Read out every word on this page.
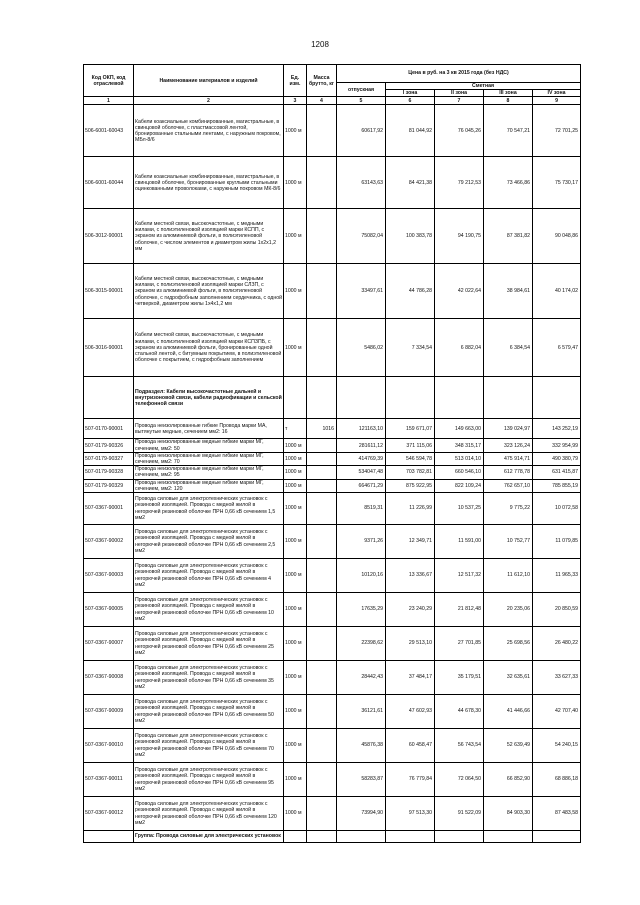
1208
Код ОКП, код отраслевой	Наименование материалов и изделий	Ед. изм.	Масса брутто, кг	Цена в руб. на 3 кв 2015 года (без НДС)				
				отпускная	Сметная			
					I зона	II зона	III зона	IV зона
1	2	3	4	5	6	7	8	9
506-6001-60043	Кабели коаксиальные комбинированные, магистральные, в свинцовой оболочке, с пластмассовой лентой, бронированные стальными лентами, с наружным покровом, МБл-8/6	1000 м		60617,92	81 044,92	76 045,26	70 547,21	72 701,25
506-6001-60044	Кабели коаксиальные комбинированные, магистральные, в свинцовой оболочке, бронированные круглыми стальными оцинкованными проволоками, с наружным покровом МК-8/6	1000 м		63143,63	84 421,38	79 212,53	73 466,86	75 730,17
506-3012-90001	Кабели местной связи, высокочастотные, с медными жилами, с полиэтиленовой изоляцией марки КСПП, с экраном из алюминиевой фольги, в полиэтиленовой оболочке, с числом элементов и диаметром жилы 1х2х1,2 мм	1000 м		75082,04	100 383,78	94 190,75	87 381,82	90 048,86
506-3015-90001	Кабели местной связи, высокочастотные, с медными жилами, с полиэтиленовой изоляцией марки СЛЗП, с экраном из алюминиевой фольги, в полиэтиленовой оболочке, с гидрофобным заполнением сердечника, с одной четверкой, диаметром жилы 1х4х1,2 мм	1000 м		33497,61	44 786,28	42 022,64	38 984,61	40 174,02
506-3016-90001	Кабели местной связи, высокочастотные, с медными жилами, с полиэтиленовой изоляцией марки КСПЗПБ, с экраном из алюминиевой фольги, бронированные одной стальной лентой, с битумным покрытием, в полиэтиленовой оболочке с покрытием, с гидрофобным заполнением	1000 м		5486,02	7 334,54	6 882,04	6 384,54	6 579,47
	Подраздел: Кабели высокочастотные дальней и внутризоновой связи, кабели радиофикации и сельской телефонной связи							
507-0170-90001	Провода неизолированные гибкие Провода марки МА, вытянутые медные, сечением мм2: 16	т	1016	121163,10	159 671,07	149 663,00	139 024,97	143 252,19
507-0179-90326	Провода неизолированные медные гибкие марки МГ, сечением, мм2: 50	1000 м		281611,12	371 115,06	348 315,17	323 126,24	332 954,99
507-0179-90327	Провода неизолированные медные гибкие марки МГ, сечением, мм2: 70	1000 м		414769,39	546 594,78	513 014,10	475 914,71	490 380,79
507-0179-90328	Провода неизолированные медные гибкие марки МГ, сечением, мм2: 95	1000 м		534047,48	703 782,81	660 546,10	612 778,78	631 415,87
507-0179-90329	Провода неизолированные медные гибкие марки МГ, сечением, мм2: 120	1000 м		664671,29	875 922,95	822 109,24	762 657,10	785 855,19
507-0367-90001	Провода силовые для электротехнических установок с резиновой изоляцией. Провода с медной жилой в негорючей резиновой оболочке ПРН 0,66 кВ сечением 1,5 мм2	1000 м		8519,31	11 226,99	10 537,25	9 775,22	10 072,58
507-0367-90002	Провода силовые для электротехнических установок с резиновой изоляцией. Провода с медной жилой в негорючей резиновой оболочке ПРН 0,66 кВ сечением 2,5 мм2	1000 м		9371,26	12 349,71	11 591,00	10 752,77	11 079,85
507-0367-90003	Провода силовые для электротехнических установок с резиновой изоляцией. Провода с медной жилой в негорючей резиновой оболочке ПРН 0,66 кВ сечением 4 мм2	1000 м		10120,16	13 336,67	12 517,32	11 612,10	11 965,33
507-0367-90005	Провода силовые для электротехнических установок с резиновой изоляцией. Провода с медной жилой в негорючей резиновой оболочке ПРН 0,66 кВ сечением 10 мм2	1000 м		17635,29	23 240,29	21 812,48	20 235,06	20 850,59
507-0367-90007	Провода силовые для электротехнических установок с резиновой изоляцией. Провода с медной жилой в негорючей резиновой оболочке ПРН 0,66 кВ сечением 25 мм2	1000 м		22398,62	29 513,10	27 701,85	25 698,56	26 480,22
507-0367-90008	Провода силовые для электротехнических установок с резиновой изоляцией. Провода с медной жилой в негорючей резиновой оболочке ПРН 0,66 кВ сечением 35 мм2	1000 м		28442,43	37 484,17	35 179,51	32 635,61	33 627,33
507-0367-90009	Провода силовые для электротехнических установок с резиновой изоляцией. Провода с медной жилой в негорючей резиновой оболочке ПРН 0,66 кВ сечением 50 мм2	1000 м		36121,61	47 602,93	44 678,30	41 446,66	42 707,40
507-0367-90010	Провода силовые для электротехнических установок с резиновой изоляцией. Провода с медной жилой в негорючей резиновой оболочке ПРН 0,66 кВ сечением 70 мм2	1000 м		45876,38	60 458,47	56 743,54	52 639,49	54 240,15
507-0367-90011	Провода силовые для электротехнических установок с резиновой изоляцией. Провода с медной жилой в негорючей резиновой оболочке ПРН 0,66 кВ сечением 95 мм2	1000 м		58283,87	76 779,84	72 064,50	66 852,90	68 886,18
507-0367-90012	Провода силовые для электротехнических установок с резиновой изоляцией. Провода с медной жилой в негорючей резиновой оболочке ПРН 0,66 кВ сечением 120 мм2	1000 м		73994,90	97 513,30	91 522,09	84 903,30	87 483,58
	Группа: Провода силовые для электрических установок							
